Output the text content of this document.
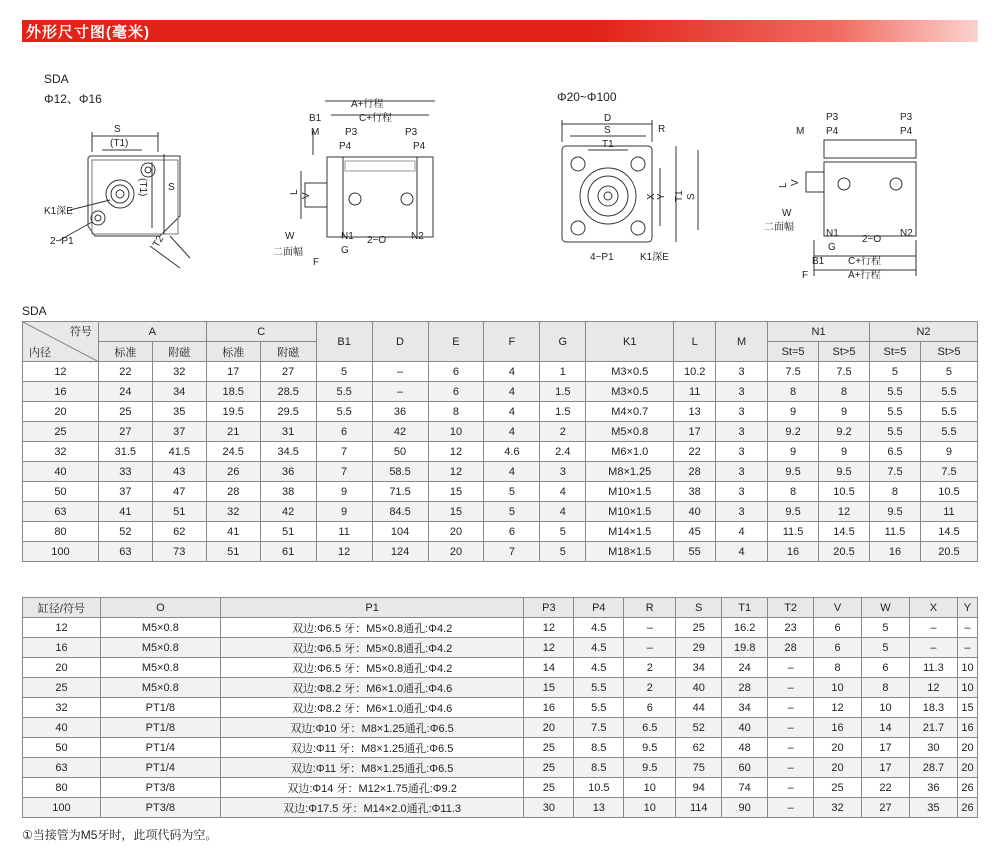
外形尺寸图(毫米)
SDA
Φ12、Φ16	Φ20~Φ100
S
(T1)
(T1) S
T2
K1深E
2−P1
A+行程
C+行程
B1
M	P3	P3
P4	P4
L
V
W
二面幅
F
N1
G
2−O N2
D
S
T1
R
X Y T1 S
4−P1	K1深E
P3
P4
P3
P4
M
L V
W
二面幅
N1
G
2−O
N2
B1
F
C+行程
A+行程
SDA
符号
内径	A		C		B1	D	E	F	G	K1	L	M	N1		N2	
	标准	附磁	标准	附磁									St=5	St>5	St=5	St>5
12	22	32	17	27	5	–	6	4	1	M3×0.5	10.2	3	7.5	7.5	5	5
16	24	34	18.5	28.5	5.5	–	6	4	1.5	M3×0.5	11	3	8	8	5.5	5.5
20	25	35	19.5	29.5	5.5	36	8	4	1.5	M4×0.7	13	3	9	9	5.5	5.5
25	27	37	21	31	6	42	10	4	2	M5×0.8	17	3	9.2	9.2	5.5	5.5
32	31.5	41.5	24.5	34.5	7	50	12	4.6	2.4	M6×1.0	22	3	9	9	6.5	9
40	33	43	26	36	7	58.5	12	4	3	M8×1.25	28	3	9.5	9.5	7.5	7.5
50	37	47	28	38	9	71.5	15	5	4	M10×1.5	38	3	8	10.5	8	10.5
63	41	51	32	42	9	84.5	15	5	4	M10×1.5	40	3	9.5	12	9.5	11
80	52	62	41	51	11	104	20	6	5	M14×1.5	45	4	11.5	14.5	11.5	14.5
100	63	73	51	61	12	124	20	7	5	M18×1.5	55	4	16	20.5	16	20.5
缸径/符号	O	P1	P3	P4	R	S	T1	T2	V	W	X	Y
12	M5×0.8	双边:Φ6.5 牙：M5×0.8通孔:Φ4.2	12	4.5	–	25	16.2	23	6	5	–	–
16	M5×0.8	双边:Φ6.5 牙：M5×0.8通孔:Φ4.2	12	4.5	–	29	19.8	28	6	5	–	–
20	M5×0.8	双边:Φ6.5 牙：M5×0.8通孔:Φ4.2	14	4.5	2	34	24	–	8	6	11.3	10
25	M5×0.8	双边:Φ8.2 牙：M6×1.0通孔:Φ4.6	15	5.5	2	40	28	–	10	8	12	10
32	PT1/8	双边:Φ8.2 牙：M6×1.0通孔:Φ4.6	16	5.5	6	44	34	–	12	10	18.3	15
40	PT1/8	双边:Φ10 牙：M8×1.25通孔:Φ6.5	20	7.5	6.5	52	40	–	16	14	21.7	16
50	PT1/4	双边:Φ11 牙：M8×1.25通孔:Φ6.5	25	8.5	9.5	62	48	–	20	17	30	20
63	PT1/4	双边:Φ11 牙：M8×1.25通孔:Φ6.5	25	8.5	9.5	75	60	–	20	17	28.7	20
80	PT3/8	双边:Φ14 牙：M12×1.75通孔:Φ9.2	25	10.5	10	94	74	–	25	22	36	26
100	PT3/8	双边:Φ17.5 牙：M14×2.0通孔:Φ11.3	30	13	10	114	90	–	32	27	35	26
①当接管为M5牙时，此项代码为空。
